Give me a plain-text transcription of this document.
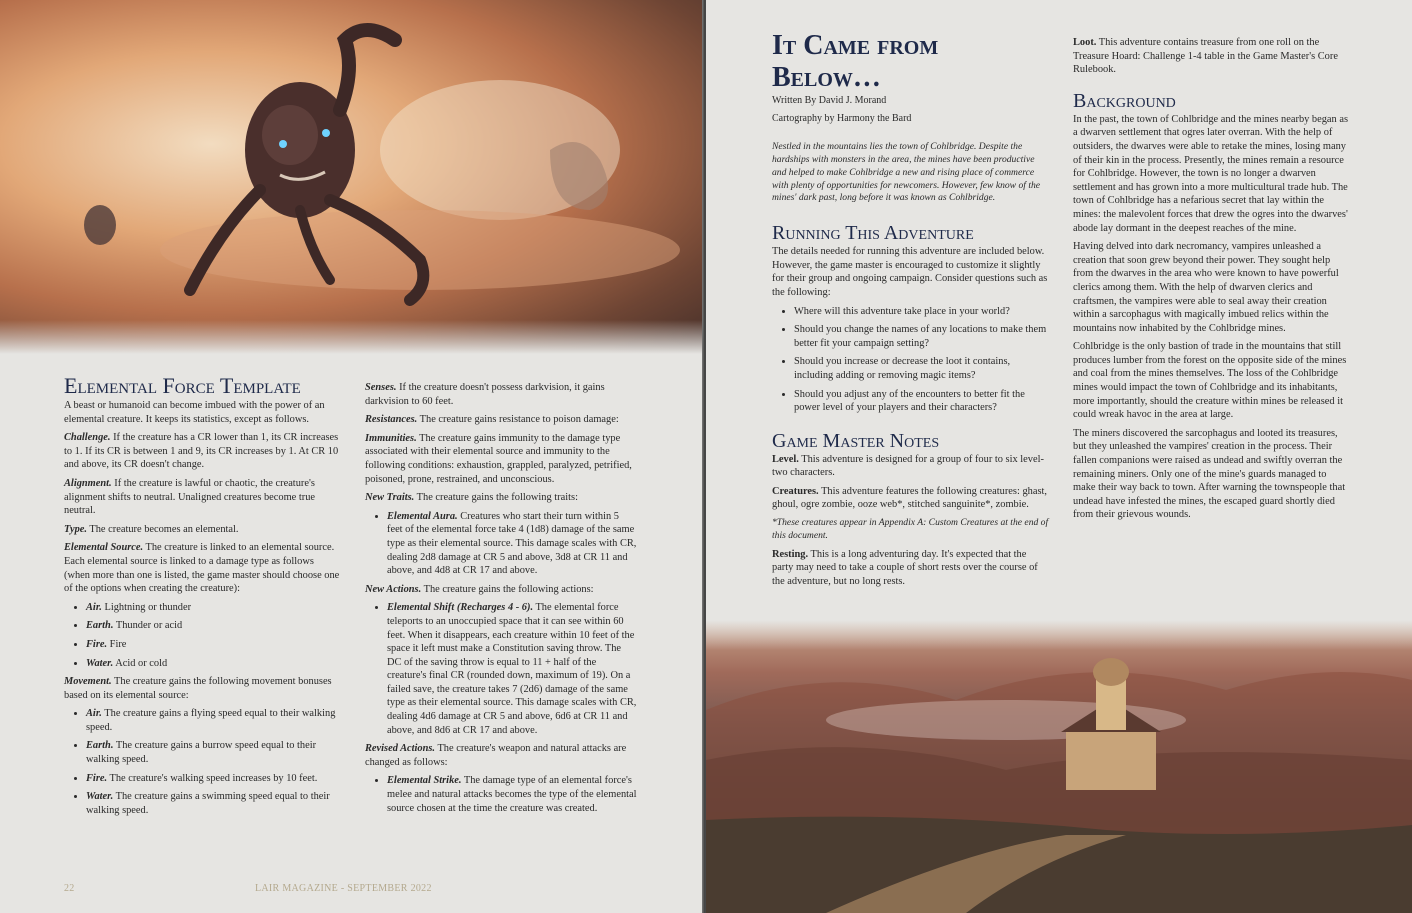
Elemental Force Template

A beast or humanoid can become imbued with the power of an elemental creature. It keeps its statistics, except as follows.

Challenge. If the creature has a CR lower than 1, its CR increases to 1. If its CR is between 1 and 9, its CR increases by 1. At CR 10 and above, its CR doesn't change.

Alignment. If the creature is lawful or chaotic, the creature's alignment shifts to neutral. Unaligned creatures become true neutral.

Type. The creature becomes an elemental.

Elemental Source. The creature is linked to an elemental source. Each elemental source is linked to a damage type as follows (when more than one is listed, the game master should choose one of the options when creating the creature):

• Air. Lightning or thunder
• Earth. Thunder or acid
• Fire. Fire
• Water. Acid or cold

Movement. The creature gains the following movement bonuses based on its elemental source:

• Air. The creature gains a flying speed equal to their walking speed.
• Earth. The creature gains a burrow speed equal to their walking speed.
• Fire. The creature's walking speed increases by 10 feet.
• Water. The creature gains a swimming speed equal to their walking speed.

Senses. If the creature doesn't possess darkvision, it gains darkvision to 60 feet.

Resistances. The creature gains resistance to poison damage:

Immunities. The creature gains immunity to the damage type associated with their elemental source and immunity to the following conditions: exhaustion, grappled, paralyzed, petrified, poisoned, prone, restrained, and unconscious.

New Traits. The creature gains the following traits:

• Elemental Aura. Creatures who start their turn within 5 feet of the elemental force take 4 (1d8) damage of the same type as their elemental source. This damage scales with CR, dealing 2d8 damage at CR 5 and above, 3d8 at CR 11 and above, and 4d8 at CR 17 and above.

New Actions. The creature gains the following actions:

• Elemental Shift (Recharges 4 - 6). The elemental force teleports to an unoccupied space that it can see within 60 feet. When it disappears, each creature within 10 feet of the space it left must make a Constitution saving throw. The DC of the saving throw is equal to 11 + half of the creature's final CR (rounded down, maximum of 19). On a failed save, the creature takes 7 (2d6) damage of the same type as their elemental source. This damage scales with CR, dealing 4d6 damage at CR 5 and above, 6d6 at CR 11 and above, and 8d6 at CR 17 and above.

Revised Actions. The creature's weapon and natural attacks are changed as follows:

• Elemental Strike. The damage type of an elemental force's melee and natural attacks becomes the type of the elemental source chosen at the time the creature was created.
22	LAIR MAGAZINE - SEPTEMBER 2022
It Came from Below…

Written By David J. Morand

Cartography by Harmony the Bard

Nestled in the mountains lies the town of Cohlbridge. Despite the hardships with monsters in the area, the mines have been productive and helped to make Cohlbridge a new and rising place of commerce with plenty of opportunities for newcomers. However, few know of the mines' dark past, long before it was known as Cohlbridge.

Running This Adventure

The details needed for running this adventure are included below. However, the game master is encouraged to customize it slightly for their group and ongoing campaign. Consider questions such as the following:

• Where will this adventure take place in your world?
• Should you change the names of any locations to make them better fit your campaign setting?
• Should you increase or decrease the loot it contains, including adding or removing magic items?
• Should you adjust any of the encounters to better fit the power level of your players and their characters?
Game Master Notes

Level. This adventure is designed for a group of four to six level-two characters.

Creatures. This adventure features the following creatures: ghast, ghoul, ogre zombie, ooze web*, stitched sanguinite*, zombie.

*These creatures appear in Appendix A: Custom Creatures at the end of this document.

Resting. This is a long adventuring day. It's expected that the party may need to take a couple of short rests over the course of the adventure, but no long rests.

Loot. This adventure contains treasure from one roll on the Treasure Hoard: Challenge 1-4 table in the Game Master's Core Rulebook.

Background

In the past, the town of Cohlbridge and the mines nearby began as a dwarven settlement that ogres later overran. With the help of outsiders, the dwarves were able to retake the mines, losing many of their kin in the process. Presently, the mines remain a resource for Cohlbridge. However, the town is no longer a dwarven settlement and has grown into a more multicultural trade hub. The town of Cohlbridge has a nefarious secret that lay within the mines: the malevolent forces that drew the ogres into the dwarves' abode lay dormant in the deepest reaches of the mine.

Having delved into dark necromancy, vampires unleashed a creation that soon grew beyond their power. They sought help from the dwarves in the area who were known to have powerful clerics among them. With the help of dwarven clerics and craftsmen, the vampires were able to seal away their creation within a sarcophagus with magically imbued relics within the mountains now inhabited by the Cohlbridge mines.

Cohlbridge is the only bastion of trade in the mountains that still produces lumber from the forest on the opposite side of the mines and coal from the mines themselves. The loss of the Cohlbridge mines would impact the town of Cohlbridge and its inhabitants, more importantly, should the creature within mines be released it could wreak havoc in the area at large.

The miners discovered the sarcophagus and looted its treasures, but they unleashed the vampires' creation in the process. Their fallen companions were raised as undead and swiftly overran the remaining miners. Only one of the mine's guards managed to make their way back to town. After warning the townspeople that undead have infested the mines, the escaped guard shortly died from their grievous wounds.
